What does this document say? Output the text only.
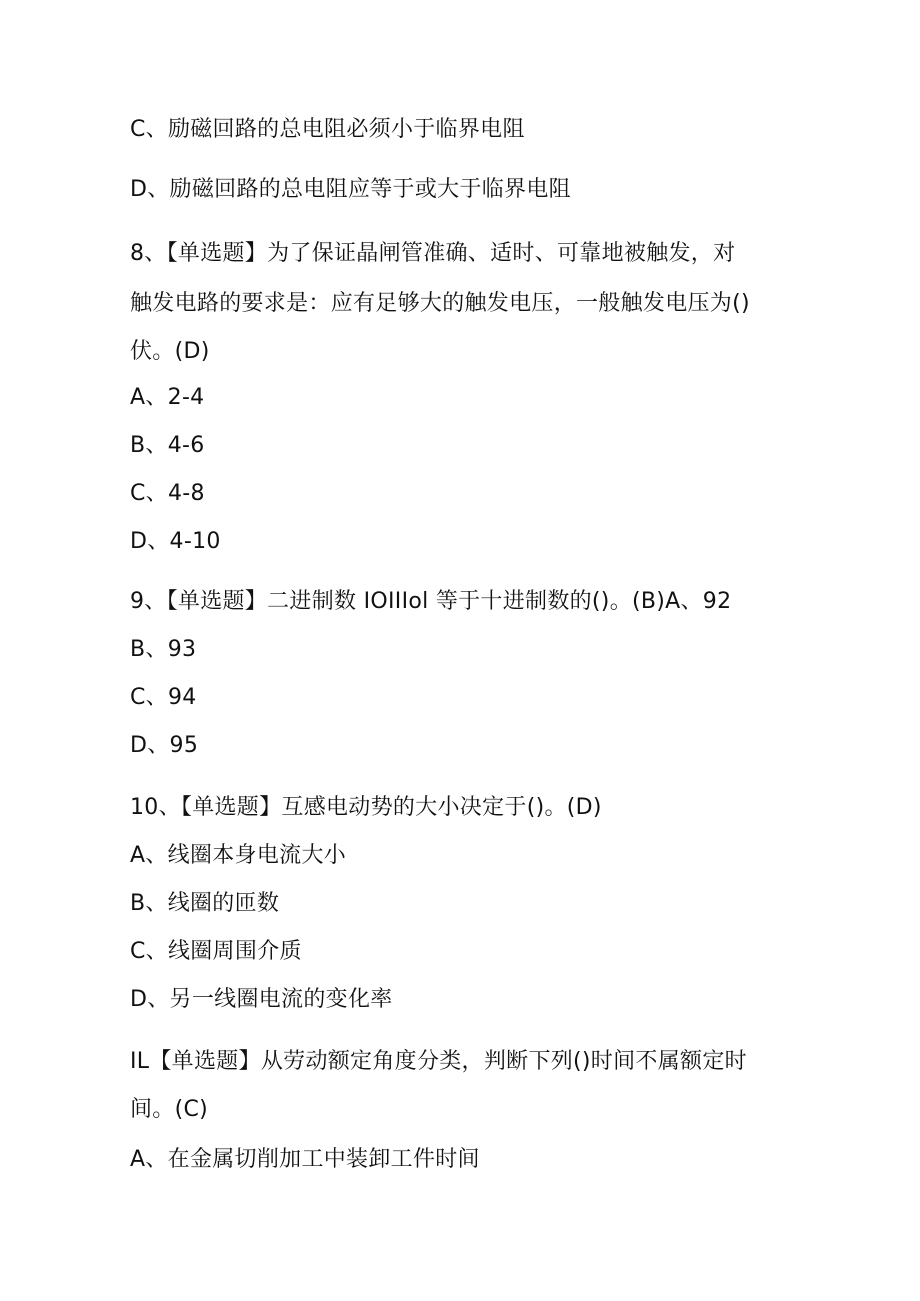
C、励磁回路的总电阻必须小于临界电阻
D、励磁回路的总电阻应等于或大于临界电阻
8、【单选题】为了保证晶闸管准确、适时、可靠地被触发，对
触发电路的要求是：应有足够大的触发电压，一般触发电压为()
伏。(D)
A、2-4
B、4-6
C、4-8
D、4-10
9、【单选题】二进制数 IOIIIol 等于十进制数的()。(B)A、92
B、93
C、94
D、95
10、【单选题】互感电动势的大小决定于()。(D)
A、线圈本身电流大小
B、线圈的匝数
C、线圈周围介质
D、另一线圈电流的变化率
IL【单选题】从劳动额定角度分类，判断下列()时间不属额定时
间。(C)
A、在金属切削加工中装卸工件时间
